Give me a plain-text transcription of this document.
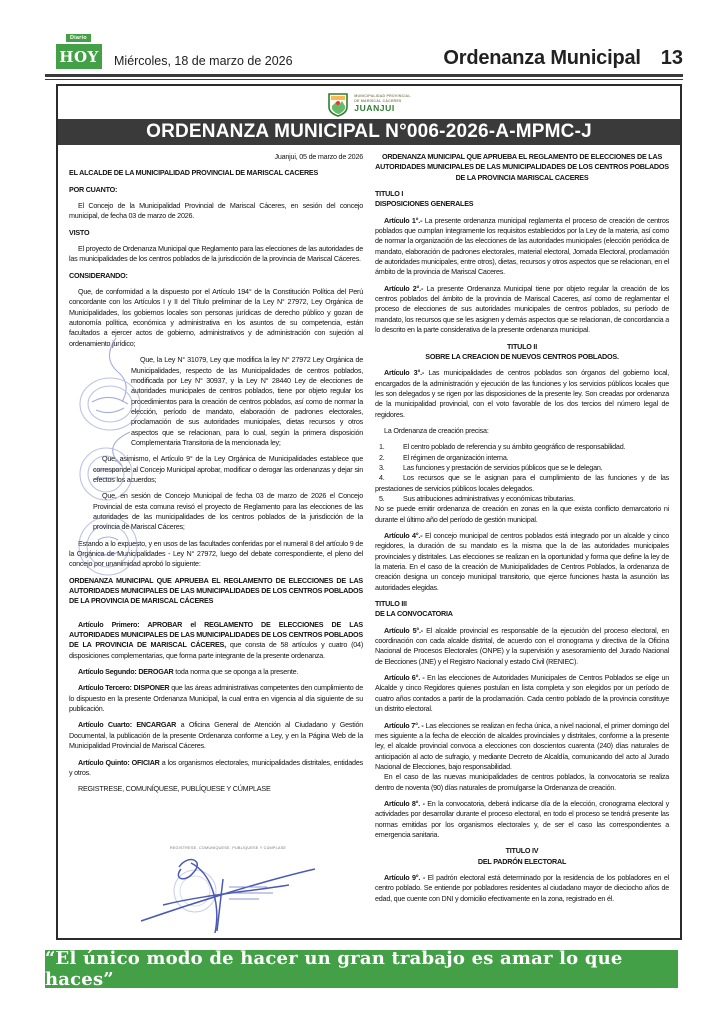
Diario
HOY Miércoles, 18 de marzo de 2026	Ordenanza Municipal 13
MUNICIPALIDAD PROVINCIAL
DE MARISCAL CÁCERES
JUANJUI
ORDENANZA MUNICIPAL N°006-2026-A-MPMC-J

Juanjui, 05 de marzo de 2026

EL ALCALDE DE LA MUNICIPALIDAD PROVINCIAL DE MARISCAL CACERES

POR CUANTO:

El Concejo de la Municipalidad Provincial de Mariscal Cáceres, en sesión del concejo municipal, de fecha 03 de marzo de 2026.

VISTO

El proyecto de Ordenanza Municipal que Reglamento para las elecciones de las autoridades de las municipalidades de los centros poblados de la jurisdicción de la provincia de Mariscal Cáceres.

CONSIDERANDO:

Que, de conformidad a la dispuesto por el Artículo 194° de la Constitución Política del Perú concordante con los Artículos I y II del Título preliminar de la Ley N° 27972, Ley Orgánica de Municipalidades, los gobiernos locales son personas jurídicas de derecho público y gozan de autonomía política, económica y administrativa en los asuntos de su competencia, están facultados a ejercer actos de gobierno, administrativos y de administración con sujeción al ordenamiento jurídico;

Que, la Ley N° 31079, Ley que modifica la ley N° 27972 Ley Orgánica de Municipalidades, respecto de las Municipalidades de centros poblados, modificada por Ley N° 30937, y la Ley N° 28440 Ley de elecciones de autoridades municipales de centros poblados, tiene por objeto regular los procedimientos para la creación de centros poblados, así como de normar la elección, período de mandato, elaboración de padrones electorales, proclamación de sus autoridades municipales, dietas recursos y otros aspectos que se relacionan, para lo cual, según la primera disposición Complementaria Transitoria de la mencionada ley;

Que, asimismo, el Artículo 9° de la Ley Orgánica de Municipalidades establece que corresponde al Concejo Municipal aprobar, modificar o derogar las ordenanzas y dejar sin efectos los acuerdos;

Que, en sesión de Concejo Municipal de fecha 03 de marzo de 2026 el Concejo Provincial de esta comuna revisó el proyecto de Reglamento para las elecciones de las autoridades de las municipalidades de los centros poblados de la jurisdicción de la provincia de Mariscal Cáceres;

Estando a lo expuesto, y en usos de las facultades conferidas por el numeral 8 del artículo 9 de la Orgánica de Municipalidades - Ley N° 27972, luego del debate correspondiente, el pleno del concejo por unanimidad aprobó lo siguiente:

ORDENANZA MUNICIPAL QUE APRUEBA EL REGLAMENTO DE ELECCIONES DE LAS AUTORIDADES MUNICIPALES DE LAS MUNICIPALIDADES DE LOS CENTROS POBLADOS DE LA PROVINCIA DE MARISCAL CÁCERES

Artículo Primero: APROBAR el REGLAMENTO DE ELECCIONES DE LAS AUTORIDADES MUNICIPALES DE LAS MUNICIPALIDADES DE LOS CENTROS POBLADOS DE LA PROVINCIA DE MARISCAL CÁCERES, que consta de 58 artículos y cuatro (04) disposiciones complementarias, que forma parte integrante de la presente ordenanza.

Artículo Segundo: DEROGAR toda norma que se oponga a la presente.

Artículo Tercero: DISPONER que las áreas administrativas competentes den cumplimiento de lo dispuesto en la presente Ordenanza Municipal, la cual entra en vigencia al día siguiente de su publicación.

Artículo Cuarto: ENCARGAR a Oficina General de Atención al Ciudadano y Gestión Documental, la publicación de la presente Ordenanza conforme a Ley, y en la Página Web de la Municipalidad Provincial de Mariscal Cáceres.

Artículo Quinto: OFICIAR a los organismos electorales, municipalidades distritales, entidades y otros.

REGISTRESE, COMUNÍQUESE, PUBLÍQUESE Y CÚMPLASE

ORDENANZA MUNICIPAL QUE APRUEBA EL REGLAMENTO DE ELECCIONES DE LAS AUTORIDADES MUNICIPALES DE LAS MUNICIPALIDADES DE LOS CENTROS POBLADOS DE LA PROVINCIA MARISCAL CACERES

TITULO I
DISPOSICIONES GENERALES

Artículo 1°.- La presente ordenanza municipal reglamenta el proceso de creación de centros poblados que cumplan íntegramente los requisitos establecidos por la Ley de la materia, así como de normar la organización de las elecciones de las autoridades municipales (elección periódica de mandato, elaboración de padrones electorales, material electoral, Jornada Electoral, proclamación de autoridades municipales, entre otros), dietas, recursos y otros aspectos que se relacionan, en el ámbito de la provincia de Mariscal Caceres.

Artículo 2°.- La presente Ordenanza Municipal tiene por objeto regular la creación de los centros poblados del ámbito de la provincia de Mariscal Caceres, así como de reglamentar el proceso de elecciones de sus autoridades municipales de centros poblados, su período de mandato, los recursos que se les asignen y demás aspectos que se relacionan, de concordancia a lo descrito en la parte considerativa de la presente ordenanza municipal.

TITULO II
SOBRE LA CREACION DE NUEVOS CENTROS POBLADOS.

Artículo 3°.- Las municipalidades de centros poblados son órganos del gobierno local, encargados de la administración y ejecución de las funciones y los servicios públicos locales que les son delegados y se rigen por las disposiciones de la presente ley. Son creadas por ordenanza de la municipalidad provincial, con el voto favorable de los dos tercios del número legal de regidores.

La Ordenanza de creación precisa:

1.	El centro poblado de referencia y su ámbito geográfico de responsabilidad.

2.	El régimen de organización interna.

3.	Las funciones y prestación de servicios públicos que se le delegan.

4.	Los recursos que se le asignan para el cumplimiento de las funciones y de las prestaciones de servicios públicos locales delegados.

5.	Sus atribuciones administrativas y económicas tributarias.

No se puede emitir ordenanza de creación en zonas en la que exista conflicto demarcatorio ni durante el último año del período de gestión municipal.

Artículo 4°.- El concejo municipal de centros poblados está integrado por un alcalde y cinco regidores, la duración de su mandato es la misma que la de las autoridades municipales provinciales y distritales. Las elecciones se realizan en la oportunidad y forma que define la ley de la materia. En el caso de la creación de Municipalidades de Centros Poblados, la ordenanza de creación designa un concejo municipal transitorio, que ejerce funciones hasta la asunción las autoridades elegidas.

TITULO III
DE LA CONVOCATORIA

Artículo 5°.- El alcalde provincial es responsable de la ejecución del proceso electoral, en coordinación con cada alcalde distrital, de acuerdo con el cronograma y directiva de la Oficina Nacional de Procesos Electorales (ONPE) y la supervisión y asesoramiento del Jurado Nacional de Elecciones (JNE) y el Registro Nacional y estado Civil (RENIEC).

Artículo 6°. - En las elecciones de Autoridades Municipales de Centros Poblados se elige un Alcalde y cinco Regidores quienes postulan en lista completa y son elegidos por un período de cuatro años contados a partir de la proclamación. Cada centro poblado de la provincia constituye un distrito electoral.

Artículo 7°. - Las elecciones se realizan en fecha única, a nivel nacional, el primer domingo del mes siguiente a la fecha de elección de alcaldes provinciales y distritales, conforme a la presente ley, el alcalde provincial convoca a elecciones con doscientos cuarenta (240) días naturales de anticipación al acto de sufragio, y mediante Decreto de Alcaldía, comunicando del acto al Jurado Nacional de Elecciones, bajo responsabilidad.

En el caso de las nuevas municipalidades de centros poblados, la convocatoria se realiza dentro de noventa (90) días naturales de promulgarse la Ordenanza de creación.

Artículo 8°. - En la convocatoria, deberá indicarse día de la elección, cronograma electoral y actividades por desarrollar durante el proceso electoral, en todo el proceso se tendrá presente las normas emitidas por los organismos electorales y, de ser el caso las correspondientes a emergencia sanitaria.

TITULO IV
DEL PADRÓN ELECTORAL

Artículo 9°. - El padrón electoral está determinado por la residencia de los pobladores en el centro poblado. Se entiende por pobladores residentes al ciudadano mayor de dieciocho años de edad, que cuente con DNI y domicilio efectivamente en la zona, registrado en él.

REGISTRESE, COMUNÍQUESE, PUBLÍQUESE Y CÚMPLASE
“El único modo de hacer un gran trabajo es amar lo que haces”
